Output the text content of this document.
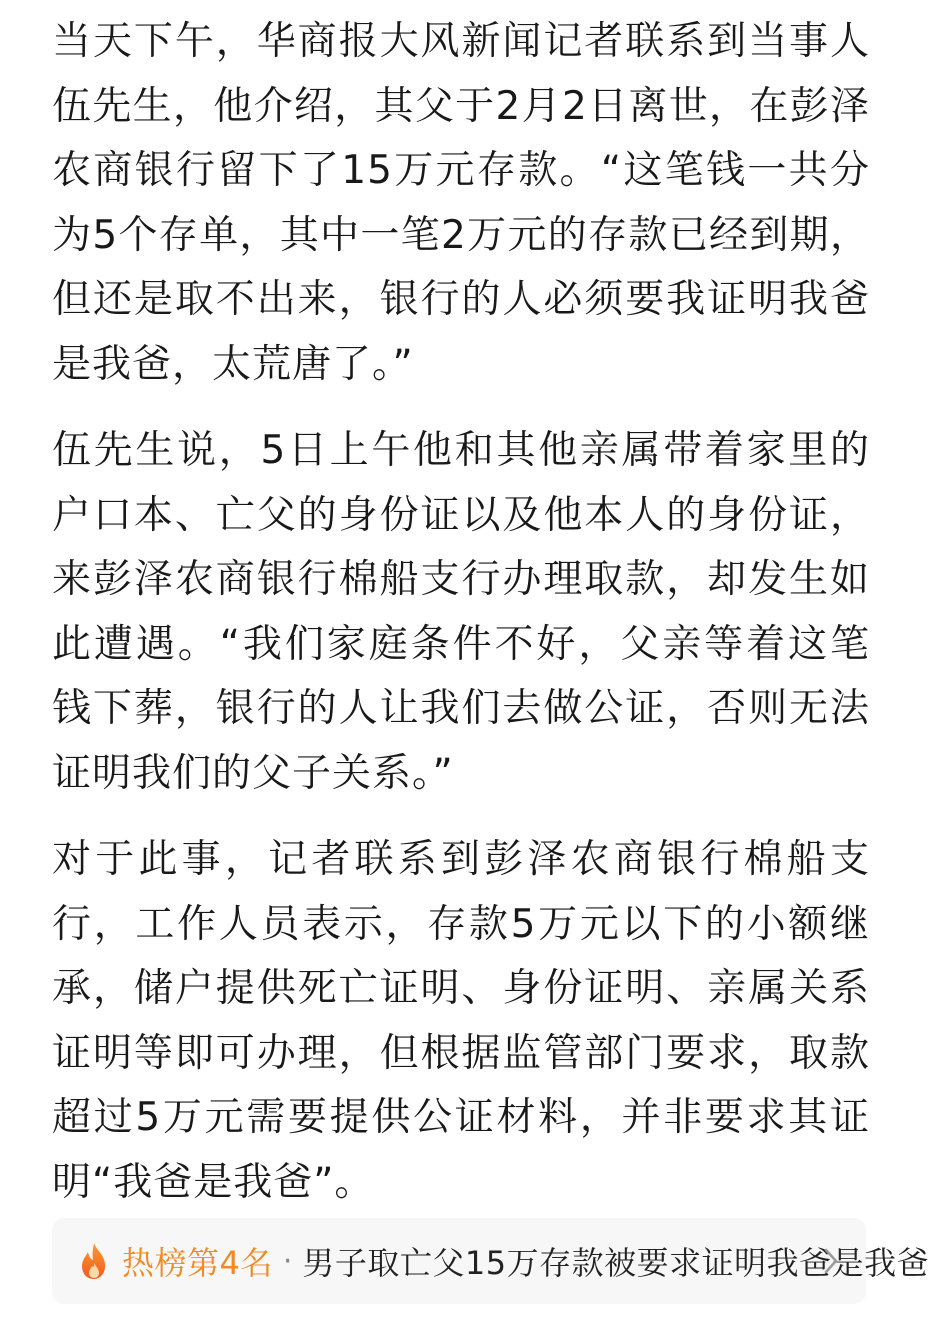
当天下午，华商报大风新闻记者联系到当事人伍先生，他介绍，其父于2月2日离世，在彭泽农商银行留下了15万元存款。“这笔钱一共分为5个存单，其中一笔2万元的存款已经到期，但还是取不出来，银行的人必须要我证明我爸是我爸，太荒唐了。”

伍先生说，5日上午他和其他亲属带着家里的户口本、亡父的身份证以及他本人的身份证，来彭泽农商银行棉船支行办理取款，却发生如此遭遇。“我们家庭条件不好，父亲等着这笔钱下葬，银行的人让我们去做公证，否则无法证明我们的父子关系。”

对于此事，记者联系到彭泽农商银行棉船支行，工作人员表示，存款5万元以下的小额继承，储户提供死亡证明、身份证明、亲属关系证明等即可办理，但根据监管部门要求，取款超过5万元需要提供公证材料，并非要求其证明“我爸是我爸”。

热榜第4名 · 男子取亡父15万存款被要求证明我爸是我爸
